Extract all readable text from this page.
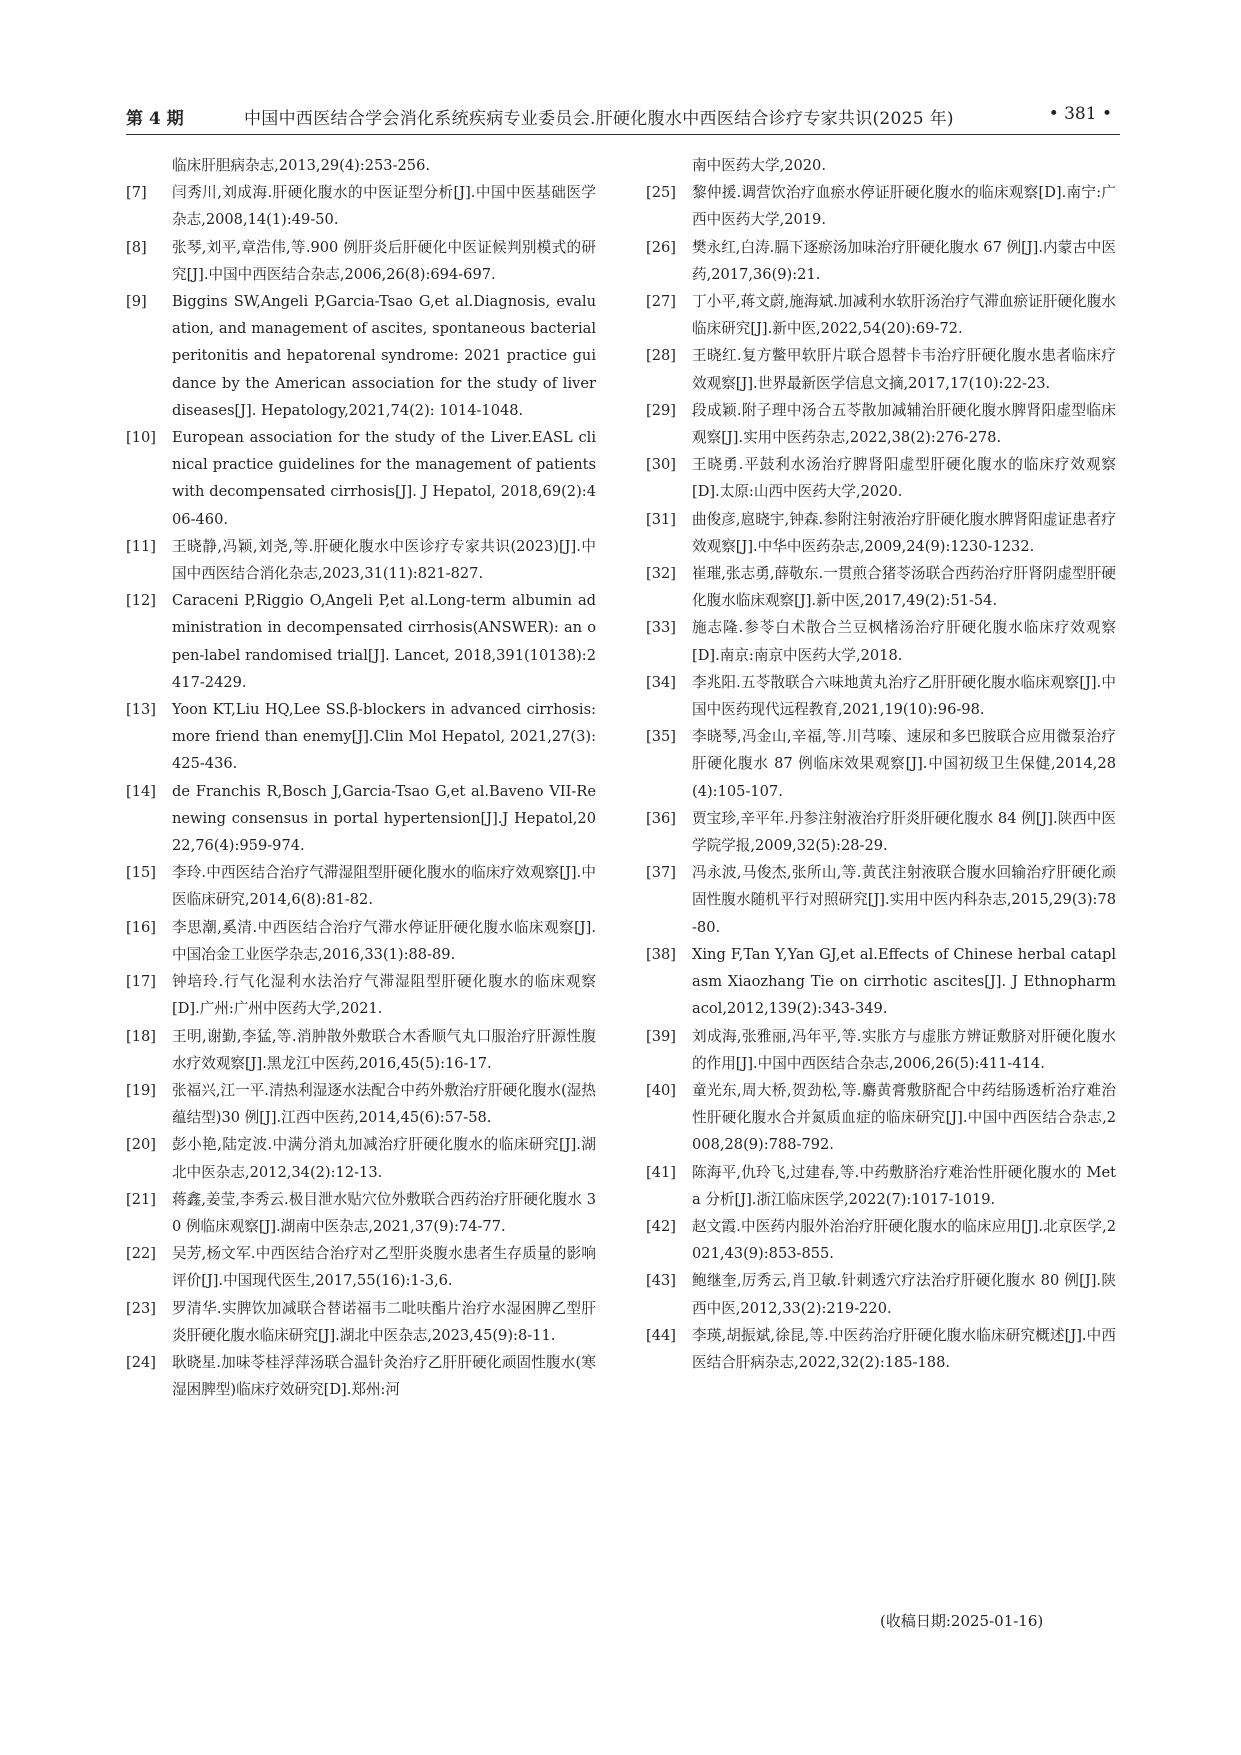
第 4 期	中国中西医结合学会消化系统疾病专业委员会.肝硬化腹水中西医结合诊疗专家共识(2025 年)	• 381 •
临床肝胆病杂志,2013,29(4):253-256.
[7] 闫秀川,刘成海.肝硬化腹水的中医证型分析[J].中国中医基础医学杂志,2008,14(1):49-50.
[8] 张琴,刘平,章浩伟,等.900 例肝炎后肝硬化中医证候判别模式的研究[J].中国中西医结合杂志,2006,26(8):694-697.
[9] Biggins SW,Angeli P,Garcia-Tsao G,et al.Diagnosis, evaluation, and management of ascites, spontaneous bacterial peritonitis and hepatorenal syndrome: 2021 practice guidance by the American association for the study of liver diseases[J]. Hepatology,2021,74(2): 1014-1048.
[10] European association for the study of the Liver.EASL clinical practice guidelines for the management of patients with decompensated cirrhosis[J]. J Hepatol, 2018,69(2):406-460.
[11] 王晓静,冯颖,刘尧,等.肝硬化腹水中医诊疗专家共识(2023)[J].中国中西医结合消化杂志,2023,31(11):821-827.
[12] Caraceni P,Riggio O,Angeli P,et al.Long-term albumin administration in decompensated cirrhosis(ANSWER): an open-label randomised trial[J]. Lancet, 2018,391(10138):2417-2429.
[13] Yoon KT,Liu HQ,Lee SS.β-blockers in advanced cirrhosis: more friend than enemy[J].Clin Mol Hepatol, 2021,27(3):425-436.
[14] de Franchis R,Bosch J,Garcia-Tsao G,et al.Baveno VII-Renewing consensus in portal hypertension[J].J Hepatol,2022,76(4):959-974.
[15] 李玲.中西医结合治疗气滞湿阻型肝硬化腹水的临床疗效观察[J].中医临床研究,2014,6(8):81-82.
[16] 李思潮,奚清.中西医结合治疗气滞水停证肝硬化腹水临床观察[J].中国冶金工业医学杂志,2016,33(1):88-89.
[17] 钟培玲.行气化湿利水法治疗气滞湿阻型肝硬化腹水的临床观察[D].广州:广州中医药大学,2021.
[18] 王明,谢勤,李猛,等.消肿散外敷联合木香顺气丸口服治疗肝源性腹水疗效观察[J].黑龙江中医药,2016,45(5):16-17.
[19] 张福兴,江一平.清热利湿逐水法配合中药外敷治疗肝硬化腹水(湿热蕴结型)30 例[J].江西中医药,2014,45(6):57-58.
[20] 彭小艳,陆定波.中满分消丸加减治疗肝硬化腹水的临床研究[J].湖北中医杂志,2012,34(2):12-13.
[21] 蒋鑫,姜莹,李秀云.极目泄水贴穴位外敷联合西药治疗肝硬化腹水 30 例临床观察[J].湖南中医杂志,2021,37(9):74-77.
[22] 吴芳,杨文军.中西医结合治疗对乙型肝炎腹水患者生存质量的影响评价[J].中国现代医生,2017,55(16):1-3,6.
[23] 罗清华.实脾饮加减联合替诺福韦二吡呋酯片治疗水湿困脾乙型肝炎肝硬化腹水临床研究[J].湖北中医杂志,2023,45(9):8-11.
[24] 耿晓星.加味苓桂浮萍汤联合温针灸治疗乙肝肝硬化顽固性腹水(寒湿困脾型)临床疗效研究[D].郑州:河
南中医药大学,2020.
[25] 黎仲援.调营饮治疗血瘀水停证肝硬化腹水的临床观察[D].南宁:广西中医药大学,2019.
[26] 樊永红,白涛.膈下逐瘀汤加味治疗肝硬化腹水 67 例[J].内蒙古中医药,2017,36(9):21.
[27] 丁小平,蒋文蔚,施海斌.加减利水软肝汤治疗气滞血瘀证肝硬化腹水临床研究[J].新中医,2022,54(20):69-72.
[28] 王晓红.复方鳖甲软肝片联合恩替卡韦治疗肝硬化腹水患者临床疗效观察[J].世界最新医学信息文摘,2017,17(10):22-23.
[29] 段成颖.附子理中汤合五苓散加减辅治肝硬化腹水脾肾阳虚型临床观察[J].实用中医药杂志,2022,38(2):276-278.
[30] 王晓勇.平鼓利水汤治疗脾肾阳虚型肝硬化腹水的临床疗效观察[D].太原:山西中医药大学,2020.
[31] 曲俊彦,扈晓宇,钟森.参附注射液治疗肝硬化腹水脾肾阳虚证患者疗效观察[J].中华中医药杂志,2009,24(9):1230-1232.
[32] 崔璀,张志勇,薛敬东.一贯煎合猪苓汤联合西药治疗肝肾阴虚型肝硬化腹水临床观察[J].新中医,2017,49(2):51-54.
[33] 施志隆.参苓白术散合兰豆枫楮汤治疗肝硬化腹水临床疗效观察[D].南京:南京中医药大学,2018.
[34] 李兆阳.五苓散联合六味地黄丸治疗乙肝肝硬化腹水临床观察[J].中国中医药现代远程教育,2021,19(10):96-98.
[35] 李晓琴,冯金山,辛福,等.川芎嗪、速尿和多巴胺联合应用微泵治疗肝硬化腹水 87 例临床效果观察[J].中国初级卫生保健,2014,28(4):105-107.
[36] 贾宝珍,辛平年.丹参注射液治疗肝炎肝硬化腹水 84 例[J].陕西中医学院学报,2009,32(5):28-29.
[37] 冯永波,马俊杰,张所山,等.黄芪注射液联合腹水回输治疗肝硬化顽固性腹水随机平行对照研究[J].实用中医内科杂志,2015,29(3):78-80.
[38] Xing F,Tan Y,Yan GJ,et al.Effects of Chinese herbal cataplasm Xiaozhang Tie on cirrhotic ascites[J]. J Ethnopharmacol,2012,139(2):343-349.
[39] 刘成海,张雅丽,冯年平,等.实胀方与虚胀方辨证敷脐对肝硬化腹水的作用[J].中国中西医结合杂志,2006,26(5):411-414.
[40] 童光东,周大桥,贺劲松,等.麝黄膏敷脐配合中药结肠透析治疗难治性肝硬化腹水合并氮质血症的临床研究[J].中国中西医结合杂志,2008,28(9):788-792.
[41] 陈海平,仇玲飞,过建春,等.中药敷脐治疗难治性肝硬化腹水的 Meta 分析[J].浙江临床医学,2022(7):1017-1019.
[42] 赵文霞.中医药内服外治治疗肝硬化腹水的临床应用[J].北京医学,2021,43(9):853-855.
[43] 鲍继奎,厉秀云,肖卫敏.针刺透穴疗法治疗肝硬化腹水 80 例[J].陕西中医,2012,33(2):219-220.
[44] 李瑛,胡振斌,徐昆,等.中医药治疗肝硬化腹水临床研究概述[J].中西医结合肝病杂志,2022,32(2):185-188.
(收稿日期:2025-01-16)
